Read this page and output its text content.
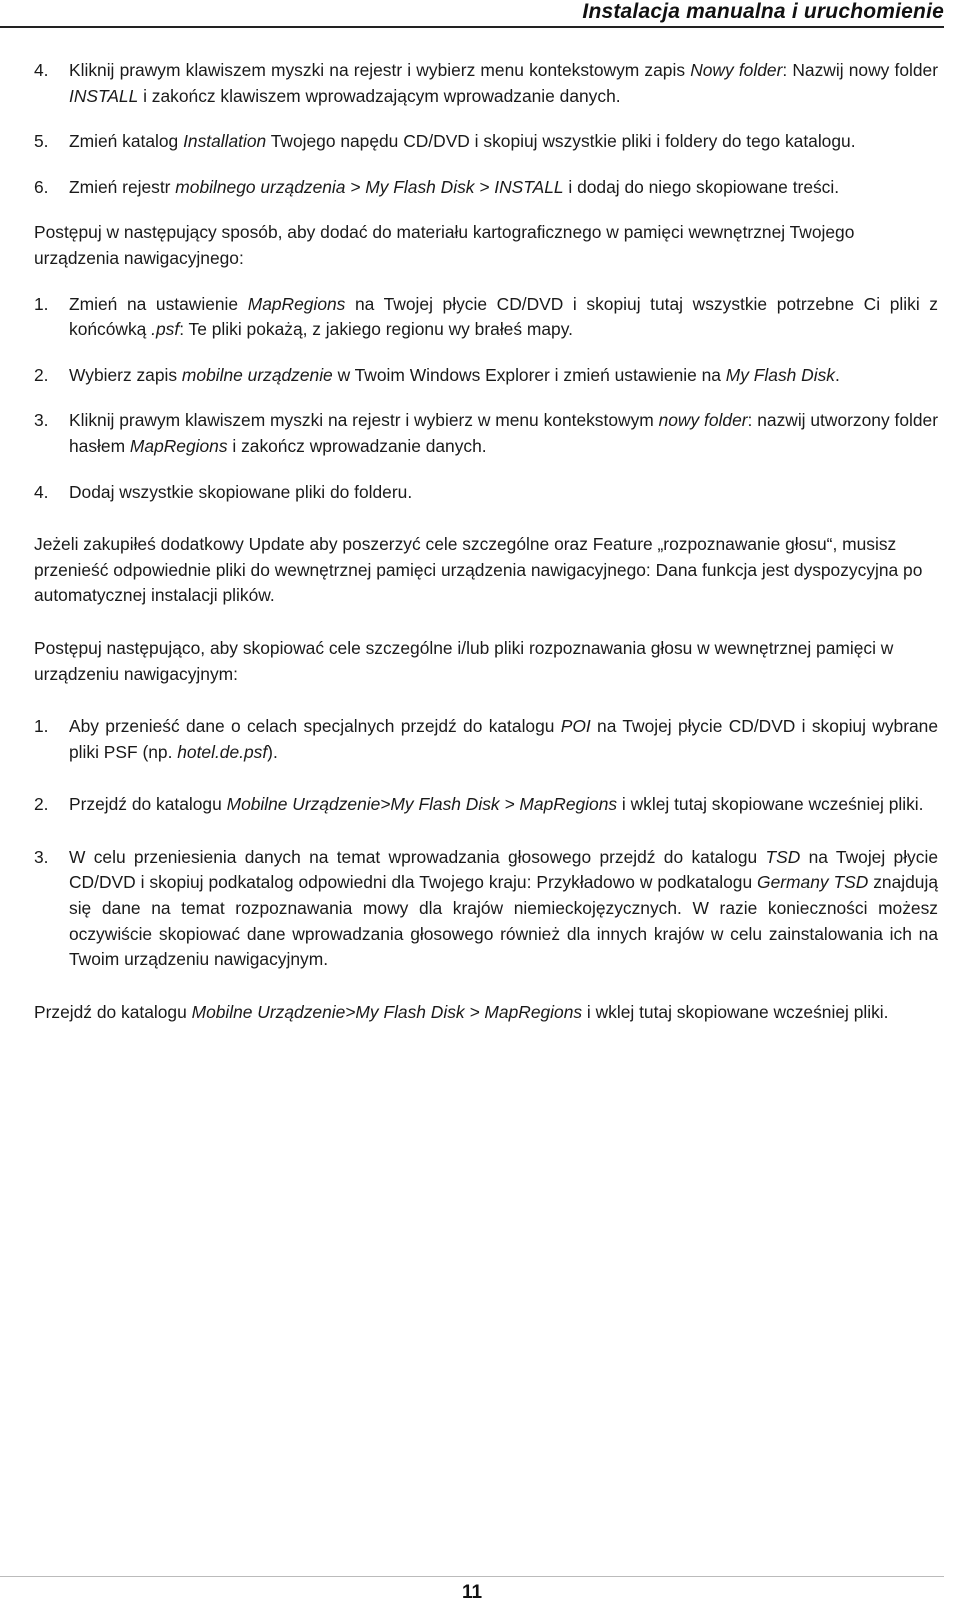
Instalacja manualna i uruchomienie
4. Kliknij prawym klawiszem myszki na rejestr i wybierz menu kontekstowym zapis Nowy folder: Nazwij nowy folder INSTALL i zakończ klawiszem wprowadzającym wprowadzanie danych.
5. Zmień katalog Installation Twojego napędu CD/DVD i skopiuj wszystkie pliki i foldery do tego katalogu.
6. Zmień rejestr mobilnego urządzenia > My Flash Disk > INSTALL i dodaj do niego skopiowane treści.
Postępuj w następujący sposób, aby dodać do materiału kartograficznego w pamięci wewnętrznej Twojego urządzenia nawigacyjnego:
1. Zmień na ustawienie MapRegions na Twojej płycie CD/DVD i skopiuj tutaj wszystkie potrzebne Ci pliki z końcówką .psf: Te pliki pokażą, z jakiego regionu wy brałeś mapy.
2. Wybierz zapis mobilne urządzenie w Twoim Windows Explorer i zmień ustawienie na My Flash Disk.
3. Kliknij prawym klawiszem myszki na rejestr i wybierz w menu kontekstowym nowy folder: nazwij utworzony folder hasłem MapRegions i zakończ wprowadzanie danych.
4. Dodaj wszystkie skopiowane pliki do folderu.
Jeżeli zakupiłeś dodatkowy Update aby poszerzyć cele szczególne oraz Feature „rozpoznawanie głosu“, musisz przenieść odpowiednie pliki do wewnętrznej pamięci urządzenia nawigacyjnego: Dana funkcja jest dyspozycyjna po automatycznej instalacji plików.
Postępuj następująco, aby skopiować cele szczególne i/lub pliki rozpoznawania głosu w wewnętrznej pamięci w urządzeniu nawigacyjnym:
1. Aby przenieść dane o celach specjalnych przejdź do katalogu POI na Twojej płycie CD/DVD i skopiuj wybrane pliki PSF (np. hotel.de.psf).
2. Przejdź do katalogu Mobilne Urządzenie>My Flash Disk > MapRegions i wklej tutaj skopiowane wcześniej pliki.
3. W celu przeniesienia danych na temat wprowadzania głosowego przejdź do katalogu TSD na Twojej płycie CD/DVD i skopiuj podkatalog odpowiedni dla Twojego kraju: Przykładowo w podkatalogu Germany TSD znajdują się dane na temat rozpoznawania mowy dla krajów niemieckojęzycznych. W razie konieczności możesz oczywiście skopiować dane wprowadzania głosowego również dla innych krajów w celu zainstalowania ich na Twoim urządzeniu nawigacyjnym.
Przejdź do katalogu Mobilne Urządzenie>My Flash Disk > MapRegions i wklej tutaj skopiowane wcześniej pliki.
11
